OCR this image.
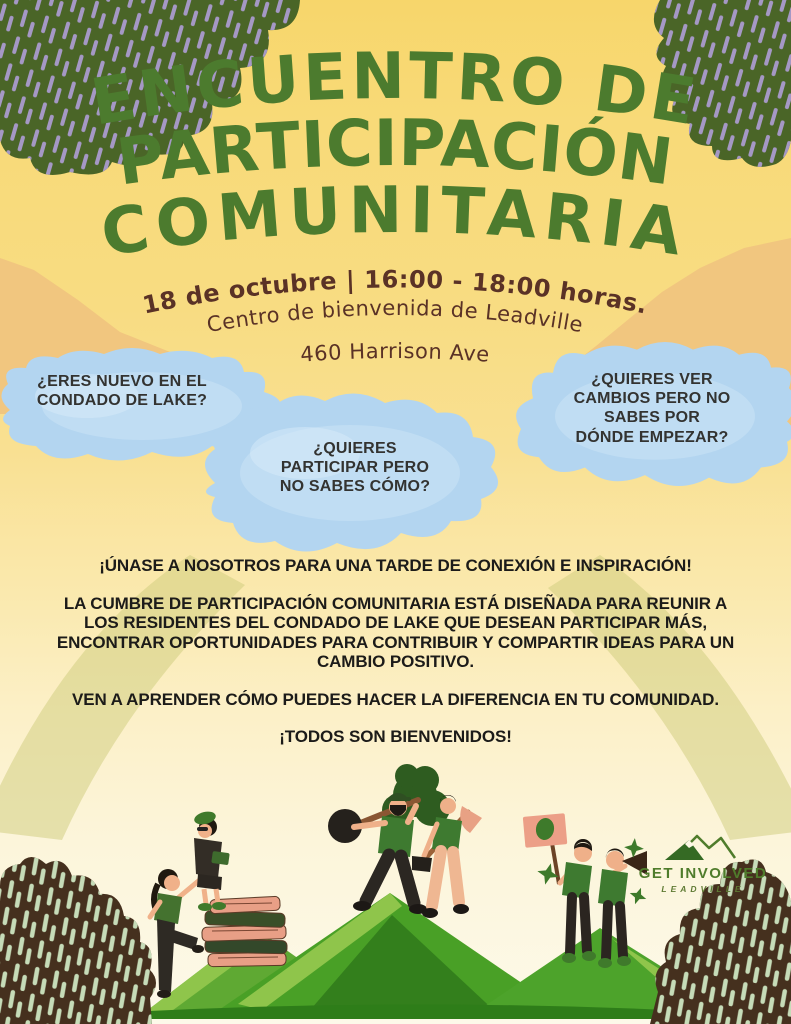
ENCUENTRO DE
PARTICIPACIÓN
COMUNITARIA
18 de octubre | 16:00 - 18:00 horas.
Centro de bienvenida de Leadville
460 Harrison Ave
¿ERES NUEVO EN EL
CONDADO DE LAKE?
¿QUIERES
PARTICIPAR PERO
NO SABES CÓMO?
¿QUIERES VER
CAMBIOS PERO NO
SABES POR
DÓNDE EMPEZAR?

¡ÚNASE A NOSOTROS PARA UNA TARDE DE CONEXIÓN E INSPIRACIÓN!

LA CUMBRE DE PARTICIPACIÓN COMUNITARIA ESTÁ DISEÑADA PARA REUNIR A
LOS RESIDENTES DEL CONDADO DE LAKE QUE DESEAN PARTICIPAR MÁS,
ENCONTRAR OPORTUNIDADES PARA CONTRIBUIR Y COMPARTIR IDEAS PARA UN
CAMBIO POSITIVO.

VEN A APRENDER CÓMO PUEDES HACER LA DIFERENCIA EN TU COMUNIDAD.

¡TODOS SON BIENVENIDOS!

GET INVOLVED
LEADVILLE
